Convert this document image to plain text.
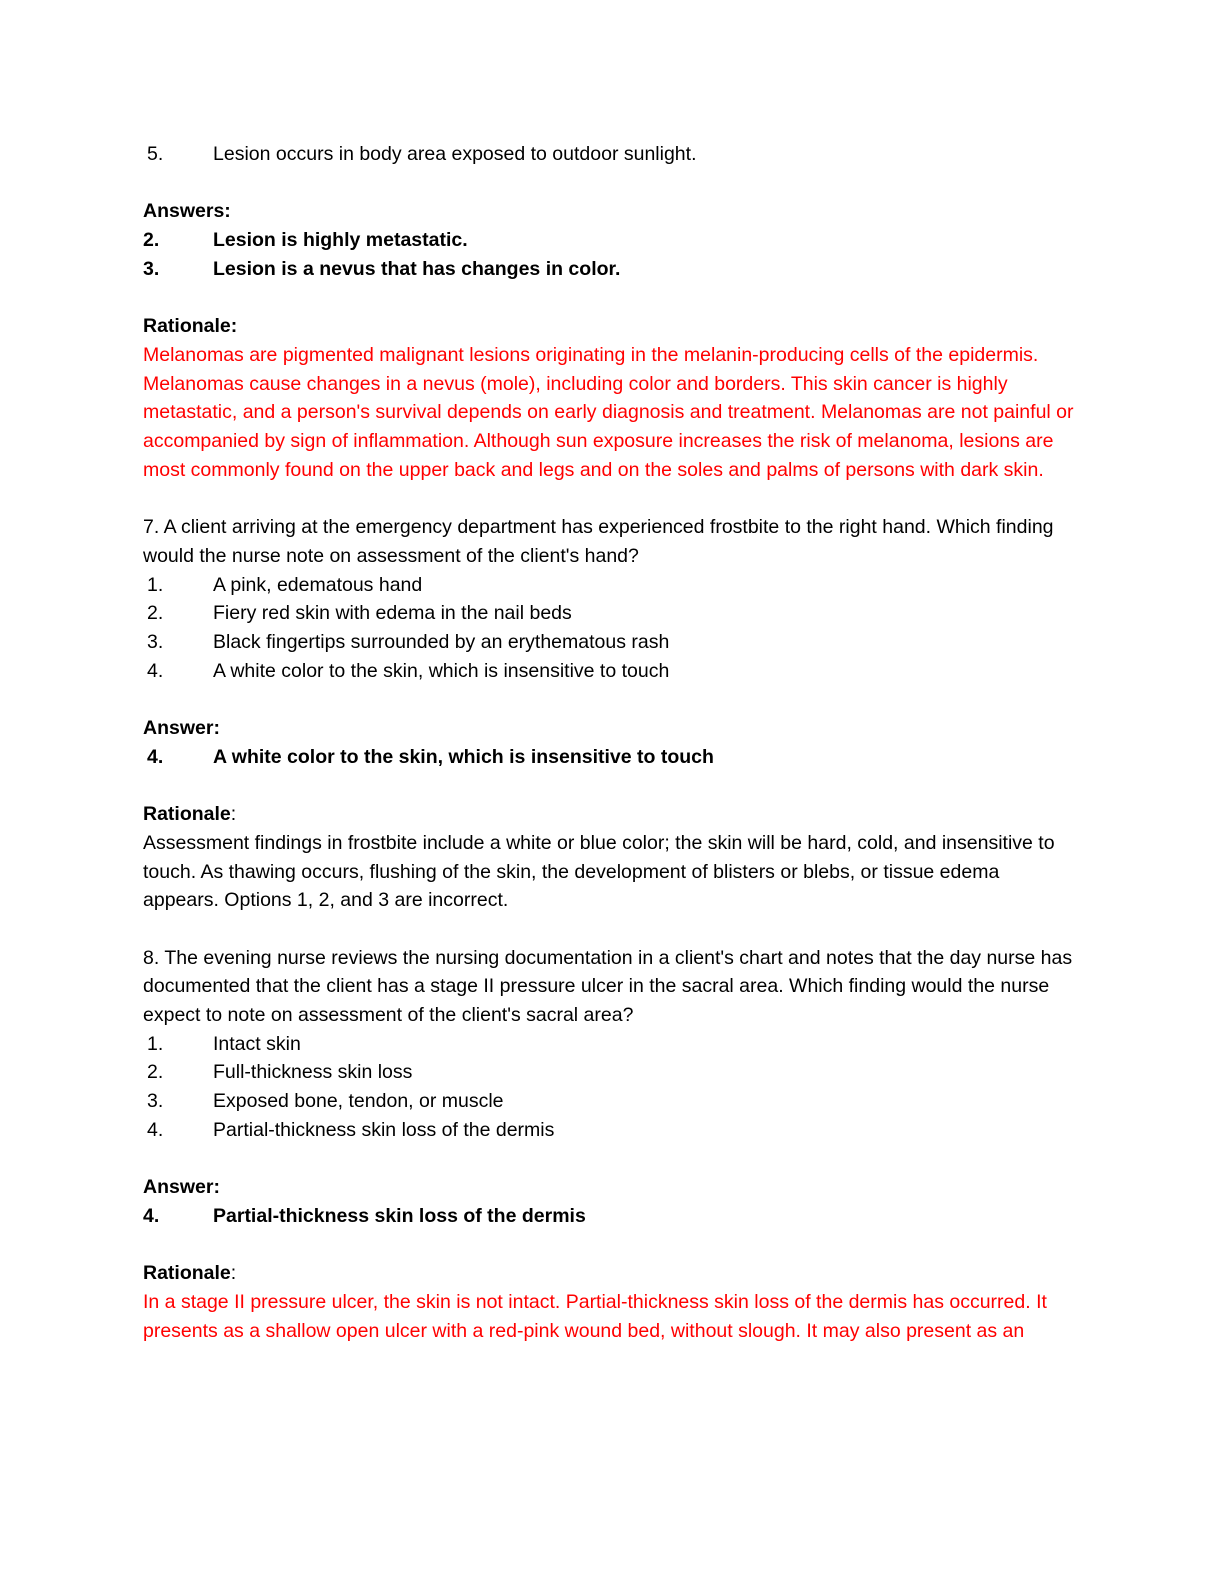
5.	Lesion occurs in body area exposed to outdoor sunlight.
Answers:
2.	Lesion is highly metastatic.
3.	Lesion is a nevus that has changes in color.
Rationale:

Melanomas are pigmented malignant lesions originating in the melanin-producing cells of the epidermis. Melanomas cause changes in a nevus (mole), including color and borders. This skin cancer is highly metastatic, and a person's survival depends on early diagnosis and treatment. Melanomas are not painful or accompanied by sign of inflammation. Although sun exposure increases the risk of melanoma, lesions are most commonly found on the upper back and legs and on the soles and palms of persons with dark skin.

7. A client arriving at the emergency department has experienced frostbite to the right hand. Which finding would the nurse note on assessment of the client's hand?

1.	A pink, edematous hand
2.	Fiery red skin with edema in the nail beds
3.	Black fingertips surrounded by an erythematous rash
4.	A white color to the skin, which is insensitive to touch
Answer:
4.	A white color to the skin, which is insensitive to touch
Rationale:

Assessment findings in frostbite include a white or blue color; the skin will be hard, cold, and insensitive to touch. As thawing occurs, flushing of the skin, the development of blisters or blebs, or tissue edema appears. Options 1, 2, and 3 are incorrect.

8. The evening nurse reviews the nursing documentation in a client's chart and notes that the day nurse has documented that the client has a stage II pressure ulcer in the sacral area. Which finding would the nurse expect to note on assessment of the client's sacral area?

1.	Intact skin
2.	Full-thickness skin loss
3.	Exposed bone, tendon, or muscle
4.	Partial-thickness skin loss of the dermis
Answer:
4.	Partial-thickness skin loss of the dermis
Rationale:

In a stage II pressure ulcer, the skin is not intact. Partial-thickness skin loss of the dermis has occurred. It presents as a shallow open ulcer with a red-pink wound bed, without slough. It may also present as an
